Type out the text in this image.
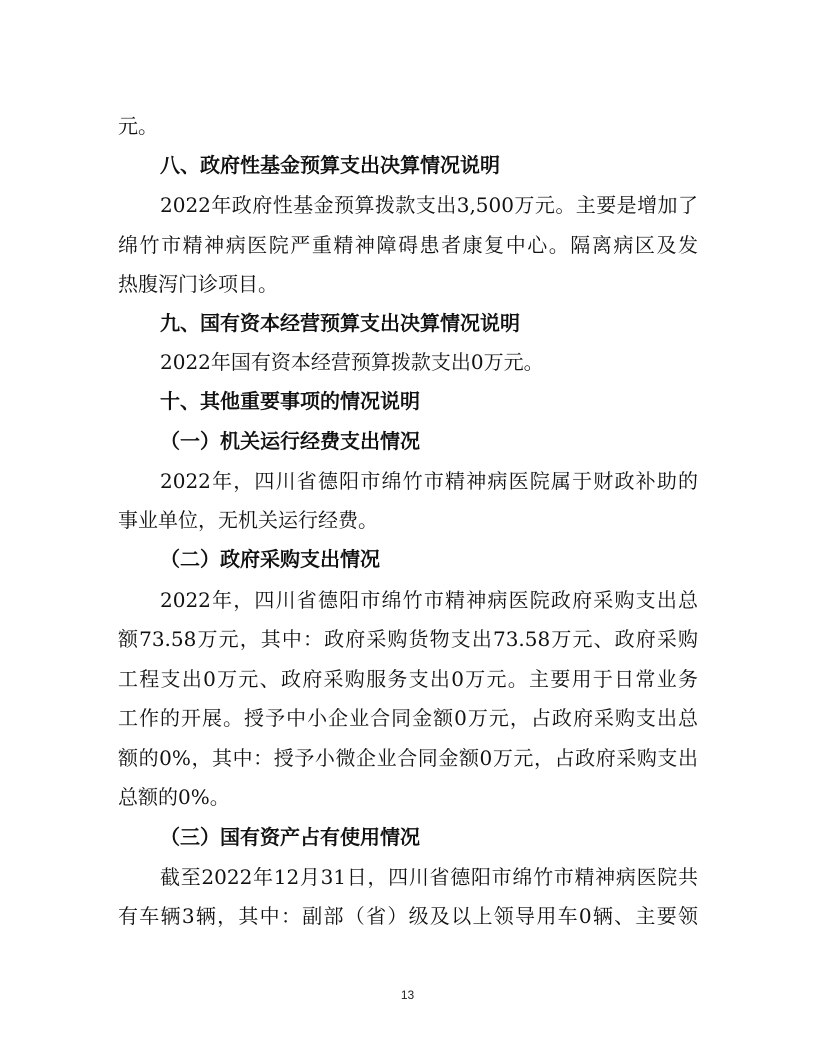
元。
八、政府性基金预算支出决算情况说明
2022年政府性基金预算拨款支出3,500万元。主要是增加了
绵竹市精神病医院严重精神障碍患者康复中心。隔离病区及发
热腹泻门诊项目。
九、国有资本经营预算支出决算情况说明
2022年国有资本经营预算拨款支出0万元。
十、其他重要事项的情况说明
（一）机关运行经费支出情况
2022年，四川省德阳市绵竹市精神病医院属于财政补助的
事业单位，无机关运行经费。
（二）政府采购支出情况
2022年，四川省德阳市绵竹市精神病医院政府采购支出总
额73.58万元，其中：政府采购货物支出73.58万元、政府采购
工程支出0万元、政府采购服务支出0万元。主要用于日常业务
工作的开展。授予中小企业合同金额0万元，占政府采购支出总
额的0%，其中：授予小微企业合同金额0万元，占政府采购支出
总额的0%。
（三）国有资产占有使用情况
截至2022年12月31日，四川省德阳市绵竹市精神病医院共
有车辆3辆，其中：副部（省）级及以上领导用车0辆、主要领
13
